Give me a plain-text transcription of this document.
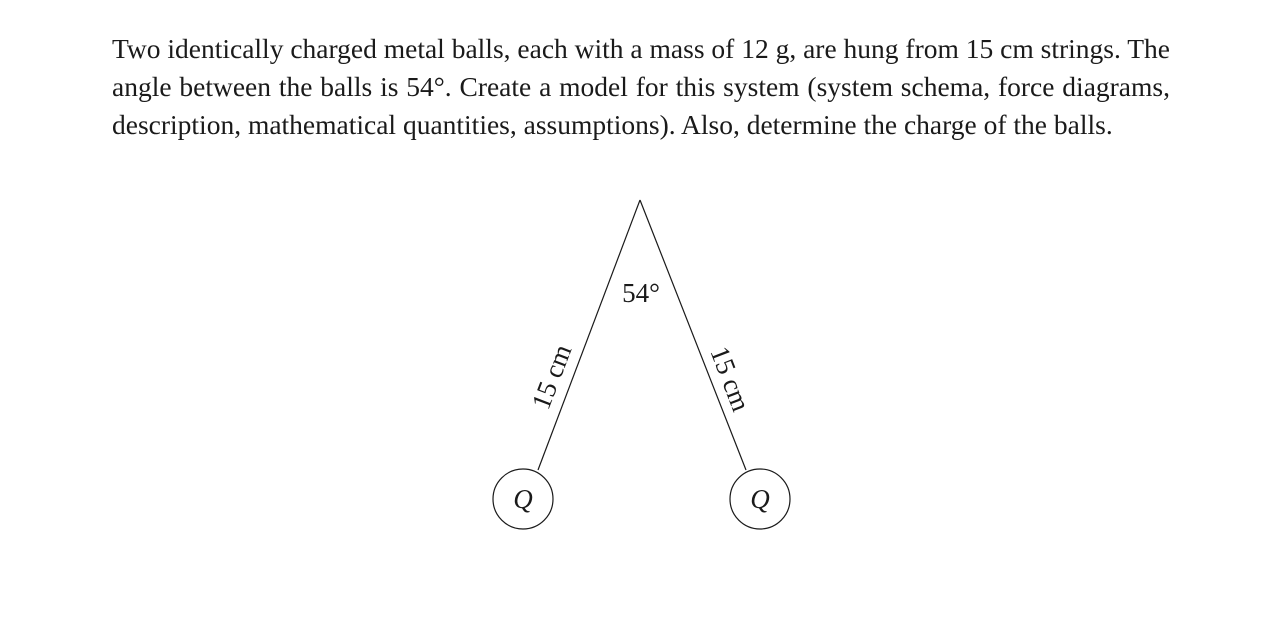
Two identically charged metal balls, each with a mass of 12 g, are hung from 15 cm strings. The angle between the balls is 54°. Create a model for this system (system schema, force diagrams, description, mathematical quantities, assumptions). Also, determine the charge of the balls.

54°
15 cm	15 cm
Q	Q
